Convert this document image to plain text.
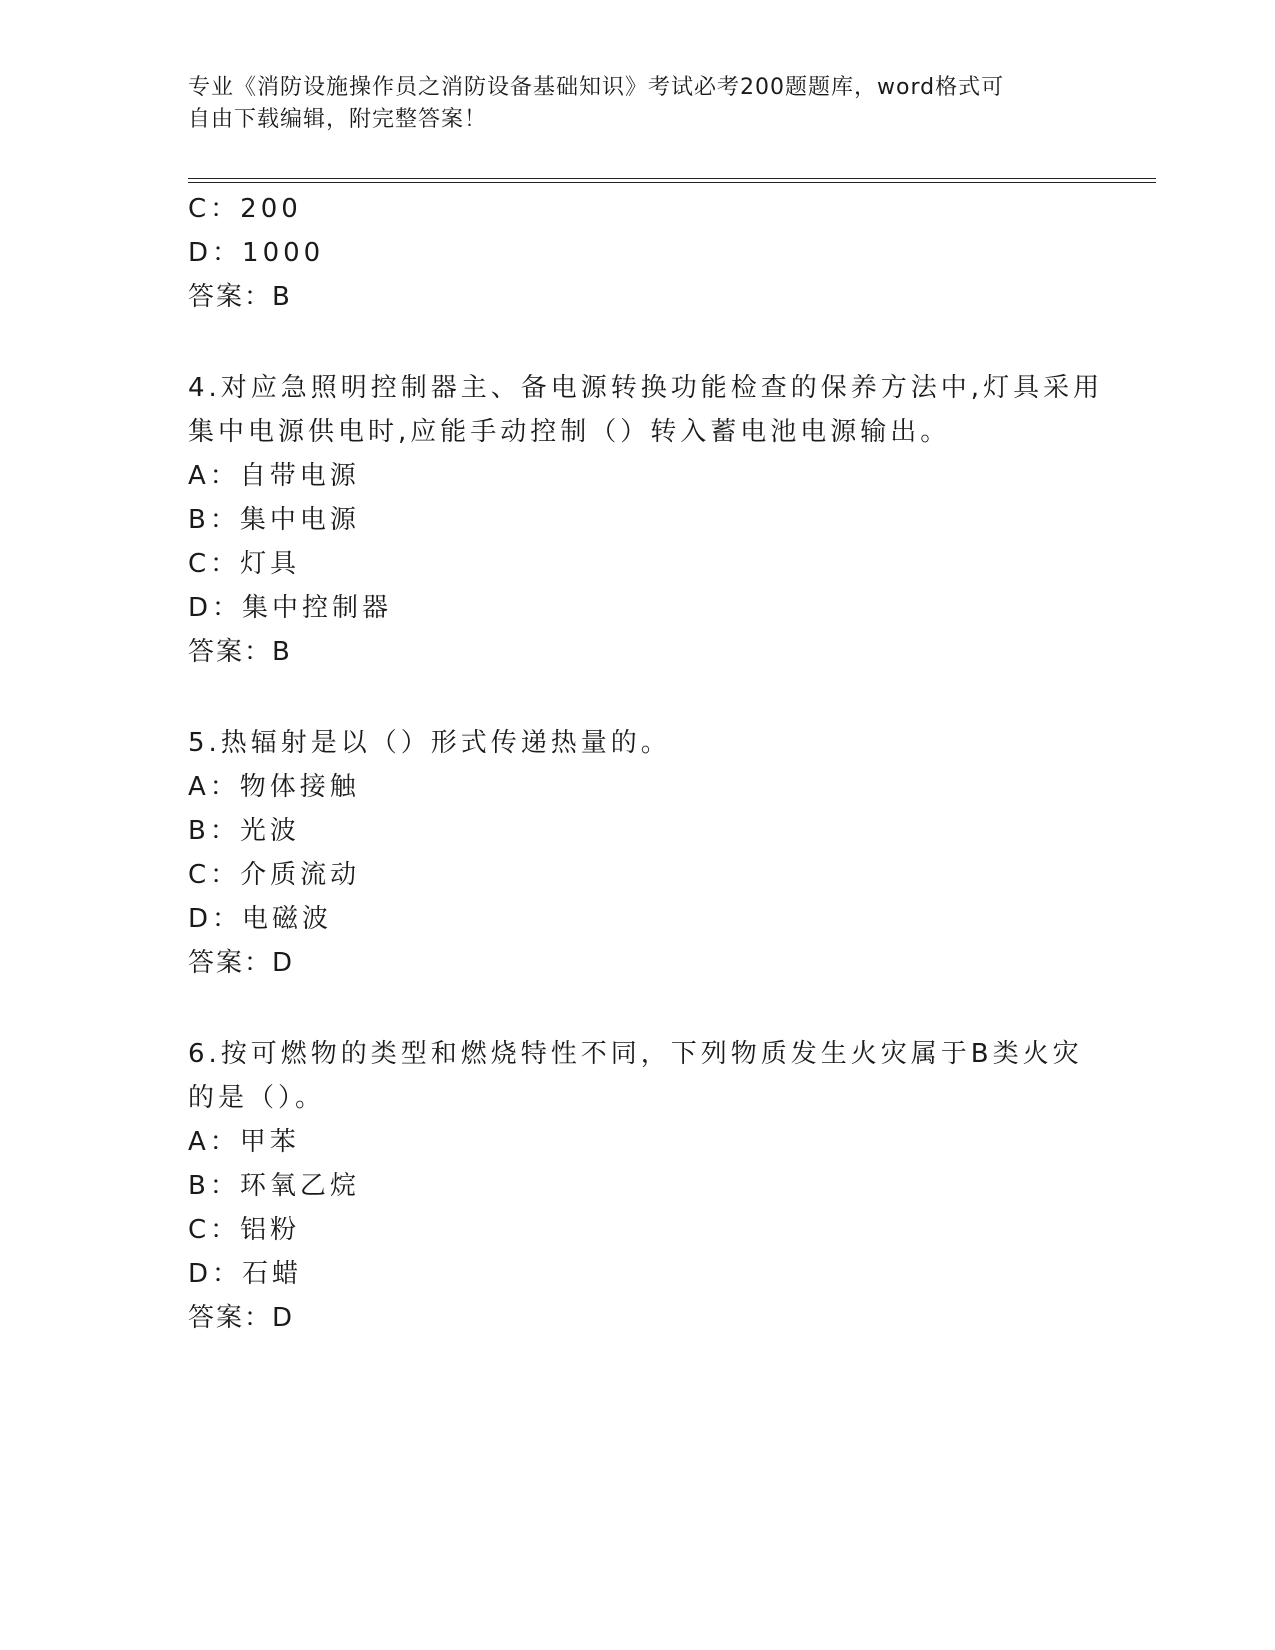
专业《消防设施操作员之消防设备基础知识》考试必考200题题库，word格式可
自由下载编辑，附完整答案！
C：200
D：1000
答案：B
4.对应急照明控制器主、备电源转换功能检查的保养方法中,灯具采用
集中电源供电时,应能手动控制（）转入蓄电池电源输出。
A：自带电源
B：集中电源
C：灯具
D：集中控制器
答案：B
5.热辐射是以（）形式传递热量的。
A：物体接触
B：光波
C：介质流动
D：电磁波
答案：D
6.按可燃物的类型和燃烧特性不同，下列物质发生火灾属于B类火灾
的是（）。
A：甲苯
B：环氧乙烷
C：铝粉
D：石蜡
答案：D
